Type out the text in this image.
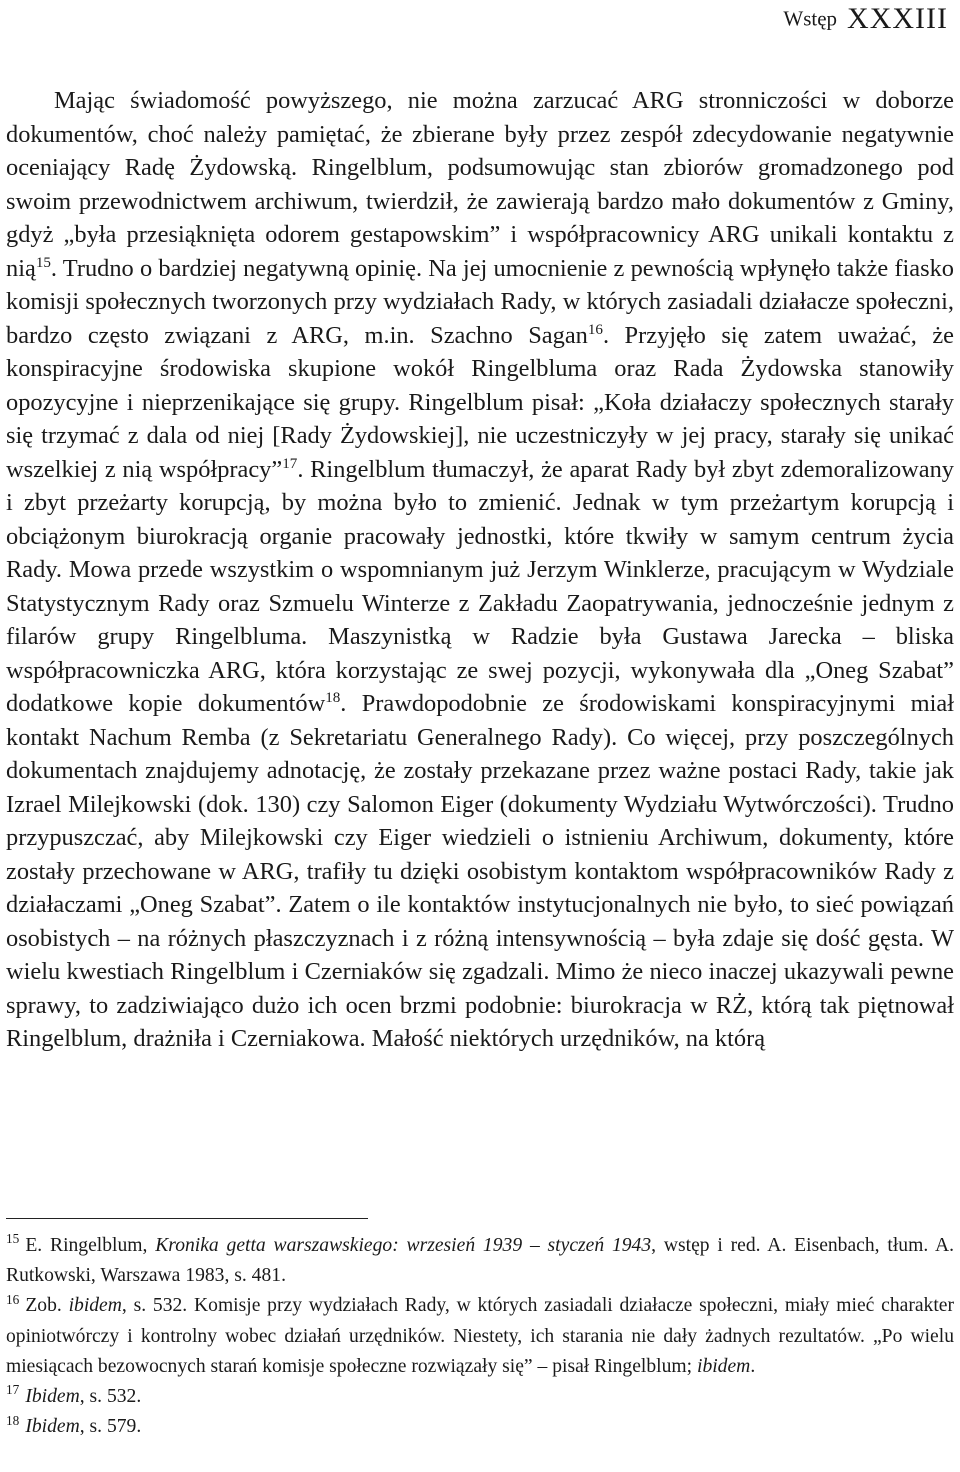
Wstęp XXXIII

Mając świadomość powyższego, nie można zarzucać ARG stronniczości w doborze dokumentów, choć należy pamiętać, że zbierane były przez zespół zdecydowanie negatywnie oceniający Radę Żydowską. Ringelblum, podsumowując stan zbiorów gromadzonego pod swoim przewodnictwem archiwum, twierdził, że zawierają bardzo mało dokumentów z Gminy, gdyż „była przesiąknięta odorem gestapowskim” i współpracownicy ARG unikali kontaktu z nią$^{15}$. Trudno o bardziej negatywną opinię. Na jej umocnienie z pewnością wpłynęło także fiasko komisji społecznych tworzonych przy wydziałach Rady, w których zasiadali działacze społeczni, bardzo często związani z ARG, m.in. Szachno Sagan$^{16}$. Przyjęło się zatem uważać, że konspiracyjne środowiska skupione wokół Ringelbluma oraz Rada Żydowska stanowiły opozycyjne i nieprzenikające się grupy. Ringelblum pisał: „Koła działaczy społecznych starały się trzymać z dala od niej [Rady Żydowskiej], nie uczestniczyły w jej pracy, starały się unikać wszelkiej z nią współpracy”$^{17}$. Ringelblum tłumaczył, że aparat Rady był zbyt zdemoralizowany i zbyt przeżarty korupcją, by można było to zmienić. Jednak w tym przeżartym korupcją i obciążonym biurokracją organie pracowały jednostki, które tkwiły w samym centrum życia Rady. Mowa przede wszystkim o wspomnianym już Jerzym Winklerze, pracującym w Wydziale Statystycznym Rady oraz Szmuelu Winterze z Zakładu Zaopatrywania, jednocześnie jednym z filarów grupy Ringelbluma. Maszynistką w Radzie była Gustawa Jarecka – bliska współpracowniczka ARG, która korzystając ze swej pozycji, wykonywała dla „Oneg Szabat” dodatkowe kopie dokumentów$^{18}$. Prawdopodobnie ze środowiskami konspiracyjnymi miał kontakt Nachum Remba (z Sekretariatu Generalnego Rady). Co więcej, przy poszczególnych dokumentach znajdujemy adnotację, że zostały przekazane przez ważne postaci Rady, takie jak Izrael Milejkowski (dok. 130) czy Salomon Eiger (dokumenty Wydziału Wytwórczości). Trudno przypuszczać, aby Milejkowski czy Eiger wiedzieli o istnieniu Archiwum, dokumenty, które zostały przechowane w ARG, trafiły tu dzięki osobistym kontaktom współpracowników Rady z działaczami „Oneg Szabat”. Zatem o ile kontaktów instytucjonalnych nie było, to sieć powiązań osobistych – na różnych płaszczyznach i z różną intensywnością – była zdaje się dość gęsta. W wielu kwestiach Ringelblum i Czerniaków się zgadzali. Mimo że nieco inaczej ukazywali pewne sprawy, to zadziwiająco dużo ich ocen brzmi podobnie: biurokracja w RŻ, którą tak piętnował Ringelblum, drażniła i Czerniakowa. Małość niektórych urzędników, na którą

$^{15}$ E. Ringelblum, Kronika getta warszawskiego: wrzesień 1939 – styczeń 1943, wstęp i red. A. Eisenbach, tłum. A. Rutkowski, Warszawa 1983, s. 481.

$^{16}$ Zob. ibidem, s. 532. Komisje przy wydziałach Rady, w których zasiadali działacze społeczni, miały mieć charakter opiniotwórczy i kontrolny wobec działań urzędników. Niestety, ich starania nie dały żadnych rezultatów. „Po wielu miesiącach bezowocnych starań komisje społeczne rozwiązały się” – pisał Ringelblum; ibidem.

$^{17}$ Ibidem, s. 532.

$^{18}$ Ibidem, s. 579.
